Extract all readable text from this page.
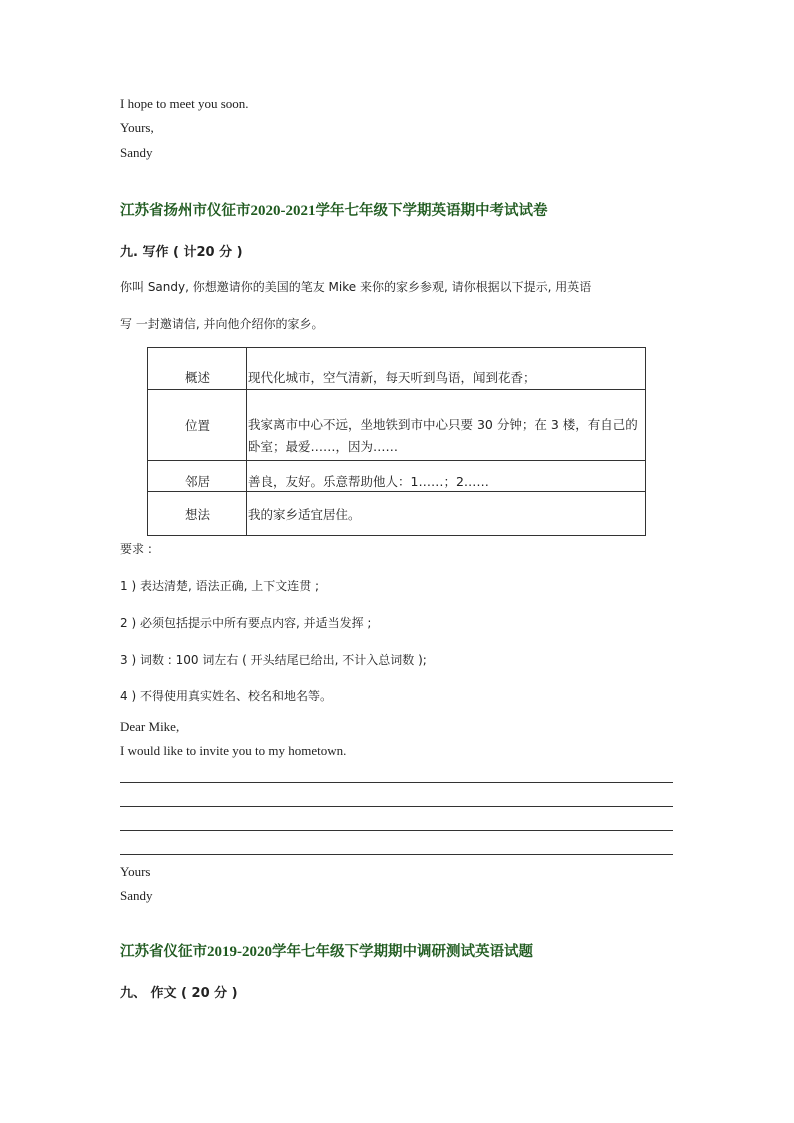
I hope to meet you soon.
Yours,
Sandy
江苏省扬州市仪征市2020-2021学年七年级下学期英语期中考试试卷
九. 写作 ( 计20 分 )
你叫 Sandy, 你想邀请你的美国的笔友 Mike 来你的家乡参观, 请你根据以下提示, 用英语
写 一封邀请信, 并向他介绍你的家乡。
概述	现代化城市，空气清新，每天听到鸟语，闻到花香；
位置	我家离市中心不远，坐地铁到市中心只要 30 分钟；在 3 楼，有自己的卧室；最爱……，因为……
邻居	善良，友好。乐意帮助他人：1……；2……
想法	我的家乡适宜居住。
要求 :
1 ) 表达清楚, 语法正确, 上下文连贯 ;
2 ) 必须包括提示中所有要点内容, 并适当发挥 ;
3 ) 词数 : 100 词左右 ( 开头结尾已给出, 不计入总词数 );
4 ) 不得使用真实姓名、校名和地名等。
Dear Mike,
I would like to invite you to my hometown.
Yours
Sandy
江苏省仪征市2019-2020学年七年级下学期期中调研测试英语试题
九、 作文 ( 20 分 )
